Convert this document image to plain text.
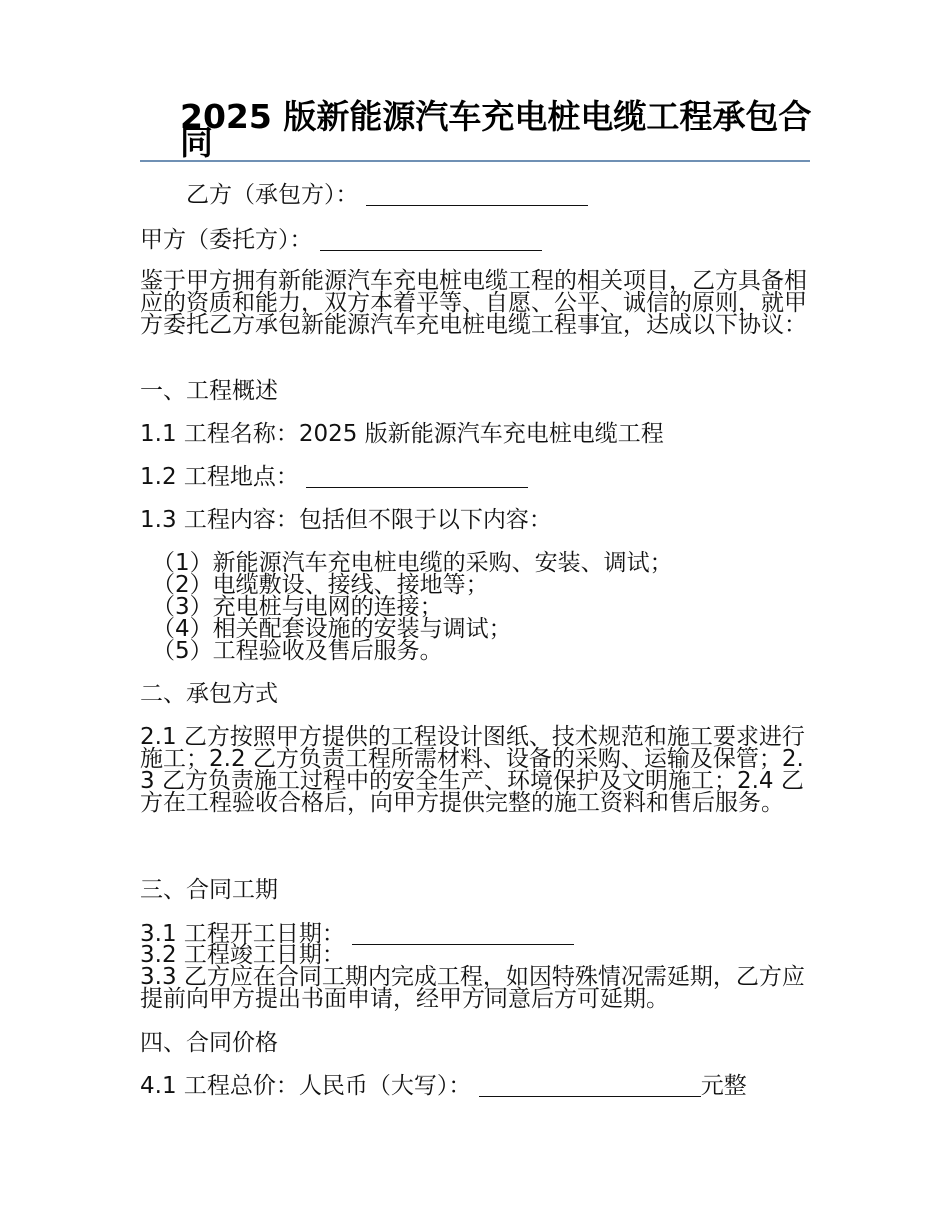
2025 版新能源汽车充电桩电缆工程承包合同

乙方（承包方）：

甲方（委托方）：

鉴于甲方拥有新能源汽车充电桩电缆工程的相关项目，乙方具备相应的资质和能力，双方本着平等、自愿、公平、诚信的原则，就甲方委托乙方承包新能源汽车充电桩电缆工程事宜，达成以下协议：

一、工程概述

1.1 工程名称：2025 版新能源汽车充电桩电缆工程

1.2 工程地点：

1.3 工程内容：包括但不限于以下内容：

（1）新能源汽车充电桩电缆的采购、安装、调试；
（2）电缆敷设、接线、接地等；
（3）充电桩与电网的连接；
（4）相关配套设施的安装与调试；
（5）工程验收及售后服务。

二、承包方式

2.1 乙方按照甲方提供的工程设计图纸、技术规范和施工要求进行施工；2.2 乙方负责工程所需材料、设备的采购、运输及保管；2.3 乙方负责施工过程中的安全生产、环境保护及文明施工；2.4 乙方在工程验收合格后，向甲方提供完整的施工资料和售后服务。

三、合同工期

3.1 工程开工日期：

3.2 工程竣工日期：

3.3 乙方应在合同工期内完成工程，如因特殊情况需延期，乙方应提前向甲方提出书面申请，经甲方同意后方可延期。

四、合同价格

4.1 工程总价：人民币（大写）：	元整
